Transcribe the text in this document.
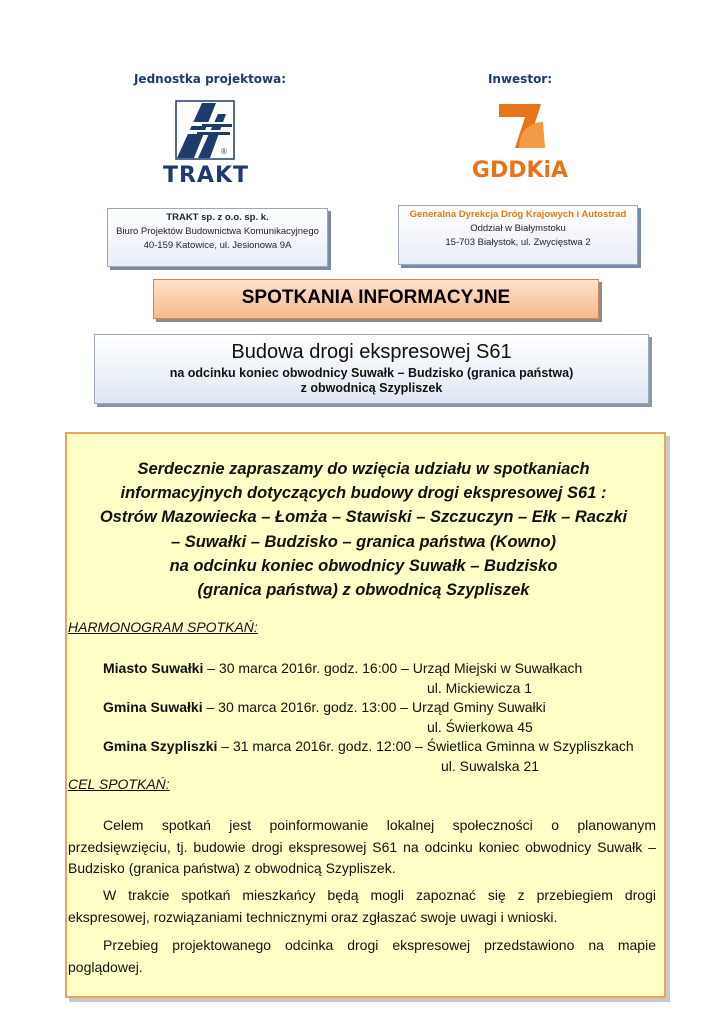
Jednostka projektowa:	Inwestor:
®
TRAKT	GDDKiA
TRAKT sp. z o.o. sp. k.
Biuro Projektów Budownictwa Komunikacyjnego
40-159 Katowice, ul. Jesionowa 9A
Generalna Dyrekcja Dróg Krajowych i Autostrad
Oddział w Białymstoku
15-703 Białystok, ul. Zwycięstwa 2
SPOTKANIA INFORMACYJNE
Budowa drogi ekspresowej S61
na odcinku koniec obwodnicy Suwałk – Budzisko (granica państwa)
z obwodnicą Szypliszek
Serdecznie zapraszamy do wzięcia udziału w spotkaniach
informacyjnych dotyczących budowy drogi ekspresowej S61 :
Ostrów Mazowiecka – Łomża – Stawiski – Szczuczyn – Ełk – Raczki
– Suwałki – Budzisko – granica państwa (Kowno)
na odcinku koniec obwodnicy Suwałk – Budzisko
(granica państwa) z obwodnicą Szypliszek
HARMONOGRAM SPOTKAŃ:
Miasto Suwałki – 30 marca 2016r. godz. 16:00 – Urząd Miejski w Suwałkach
ul. Mickiewicza 1
Gmina Suwałki – 30 marca 2016r. godz. 13:00 – Urząd Gminy Suwałki
ul. Świerkowa 45
Gmina Szypliszki – 31 marca 2016r. godz. 12:00 – Świetlica Gminna w Szypliszkach
ul. Suwalska 21
CEL SPOTKAŃ:
Celem spotkań jest poinformowanie lokalnej społeczności o planowanym przedsięwzięciu, tj. budowie drogi ekspresowej S61 na odcinku koniec obwodnicy Suwałk – Budzisko (granica państwa) z obwodnicą Szypliszek.
W trakcie spotkań mieszkańcy będą mogli zapoznać się z przebiegiem drogi ekspresowej, rozwiązaniami technicznymi oraz zgłaszać swoje uwagi i wnioski.
Przebieg projektowanego odcinka drogi ekspresowej przedstawiono na mapie poglądowej.
